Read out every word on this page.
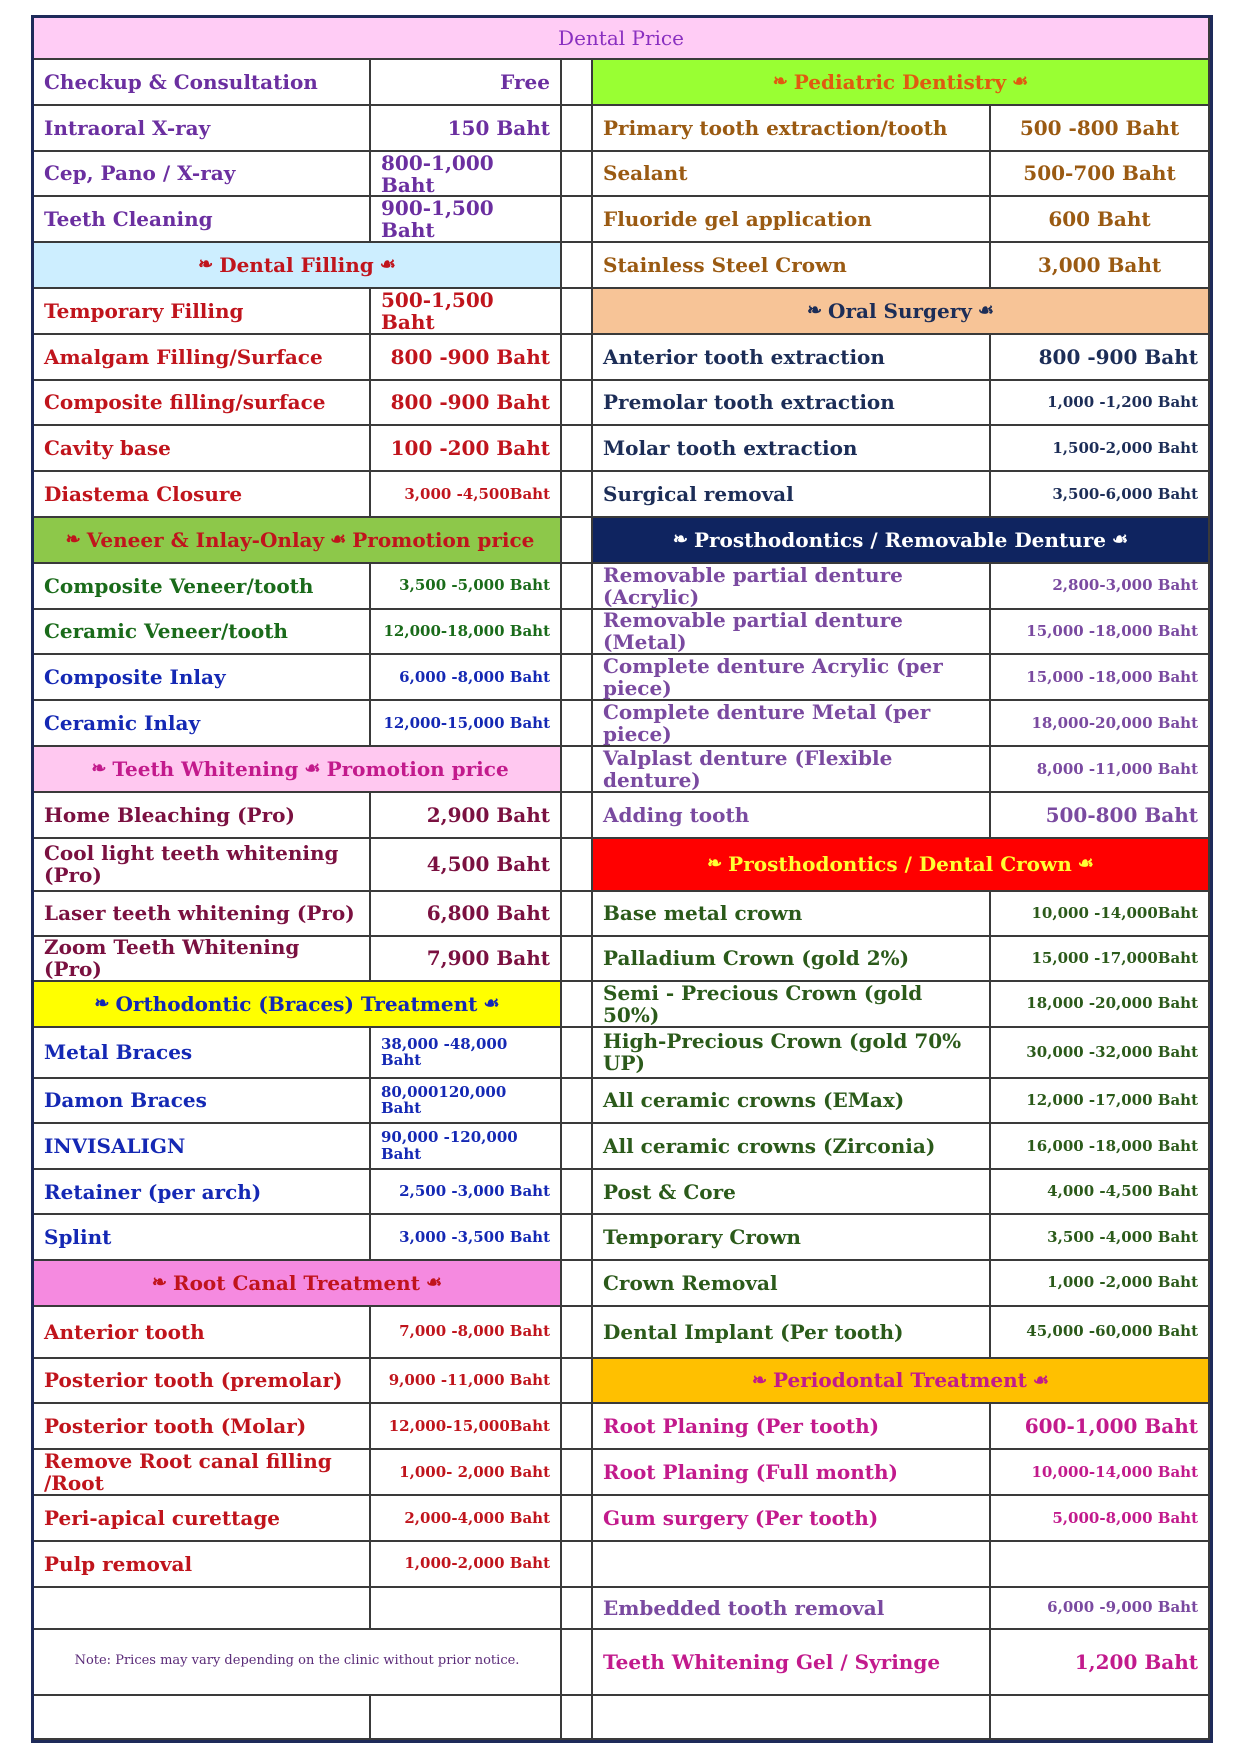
Dental Price
Checkup & Consultation	Free
Intraoral X-ray	150 Baht
Cep, Pano / X-ray	800-1,000 Baht
Teeth Cleaning	900-1,500 Baht
❧ Dental Filling ☙
Temporary Filling	500-1,500 Baht
Amalgam Filling/Surface	800 -900 Baht
Composite filling/surface	800 -900 Baht
Cavity base	100 -200 Baht
Diastema Closure	3,000 -4,500Baht
❧ Veneer & Inlay-Onlay ☙ Promotion price
Composite Veneer/tooth	3,500 -5,000 Baht
Ceramic Veneer/tooth	12,000-18,000 Baht
Composite Inlay	6,000 -8,000 Baht
Ceramic Inlay	12,000-15,000 Baht
❧ Teeth Whitening ☙ Promotion price
Home Bleaching (Pro)	2,900 Baht
Cool light teeth whitening (Pro)	4,500 Baht
Laser teeth whitening (Pro)	6,800 Baht
Zoom Teeth Whitening (Pro)	7,900 Baht
❧ Orthodontic (Braces) Treatment ☙
Metal Braces	38,000 -48,000 Baht
Damon Braces	80,000120,000 Baht
INVISALIGN	90,000 -120,000 Baht
Retainer (per arch)	2,500 -3,000 Baht
Splint	3,000 -3,500 Baht
❧ Root Canal Treatment ☙
Anterior tooth	7,000 -8,000 Baht
Posterior tooth (premolar)	9,000 -11,000 Baht
Posterior tooth (Molar)	12,000-15,000Baht
Remove Root canal filling /Root	1,000- 2,000 Baht
Peri-apical curettage	2,000-4,000 Baht
Pulp removal	1,000-2,000 Baht
Note: Prices may vary depending on the clinic without prior notice.
❧ Pediatric Dentistry ☙
Primary tooth extraction/tooth	500 -800 Baht
Sealant	500-700 Baht
Fluoride gel application	600 Baht
Stainless Steel Crown	3,000 Baht
❧ Oral Surgery ☙
Anterior tooth extraction	800 -900 Baht
Premolar tooth extraction	1,000 -1,200 Baht
Molar tooth extraction	1,500-2,000 Baht
Surgical removal	3,500-6,000 Baht
❧ Prosthodontics / Removable Denture ☙
Removable partial denture (Acrylic)	2,800-3,000 Baht
Removable partial denture (Metal)	15,000 -18,000 Baht
Complete denture Acrylic (per piece)	15,000 -18,000 Baht
Complete denture Metal (per piece)	18,000-20,000 Baht
Valplast denture (Flexible denture)	8,000 -11,000 Baht
Adding tooth	500-800 Baht
❧ Prosthodontics / Dental Crown ☙
Base metal crown	10,000 -14,000Baht
Palladium Crown (gold 2%)	15,000 -17,000Baht
Semi - Precious Crown (gold 50%)	18,000 -20,000 Baht
High-Precious Crown (gold 70% UP)	30,000 -32,000 Baht
All ceramic crowns (EMax)	12,000 -17,000 Baht
All ceramic crowns (Zirconia)	16,000 -18,000 Baht
Post & Core	4,000 -4,500 Baht
Temporary Crown	3,500 -4,000 Baht
Crown Removal	1,000 -2,000 Baht
Dental Implant (Per tooth)	45,000 -60,000 Baht
❧ Periodontal Treatment ☙
Root Planing (Per tooth)	600-1,000 Baht
Root Planing (Full month)	10,000-14,000 Baht
Gum surgery (Per tooth)	5,000-8,000 Baht
Embedded tooth removal	6,000 -9,000 Baht
Teeth Whitening Gel / Syringe	1,200 Baht
